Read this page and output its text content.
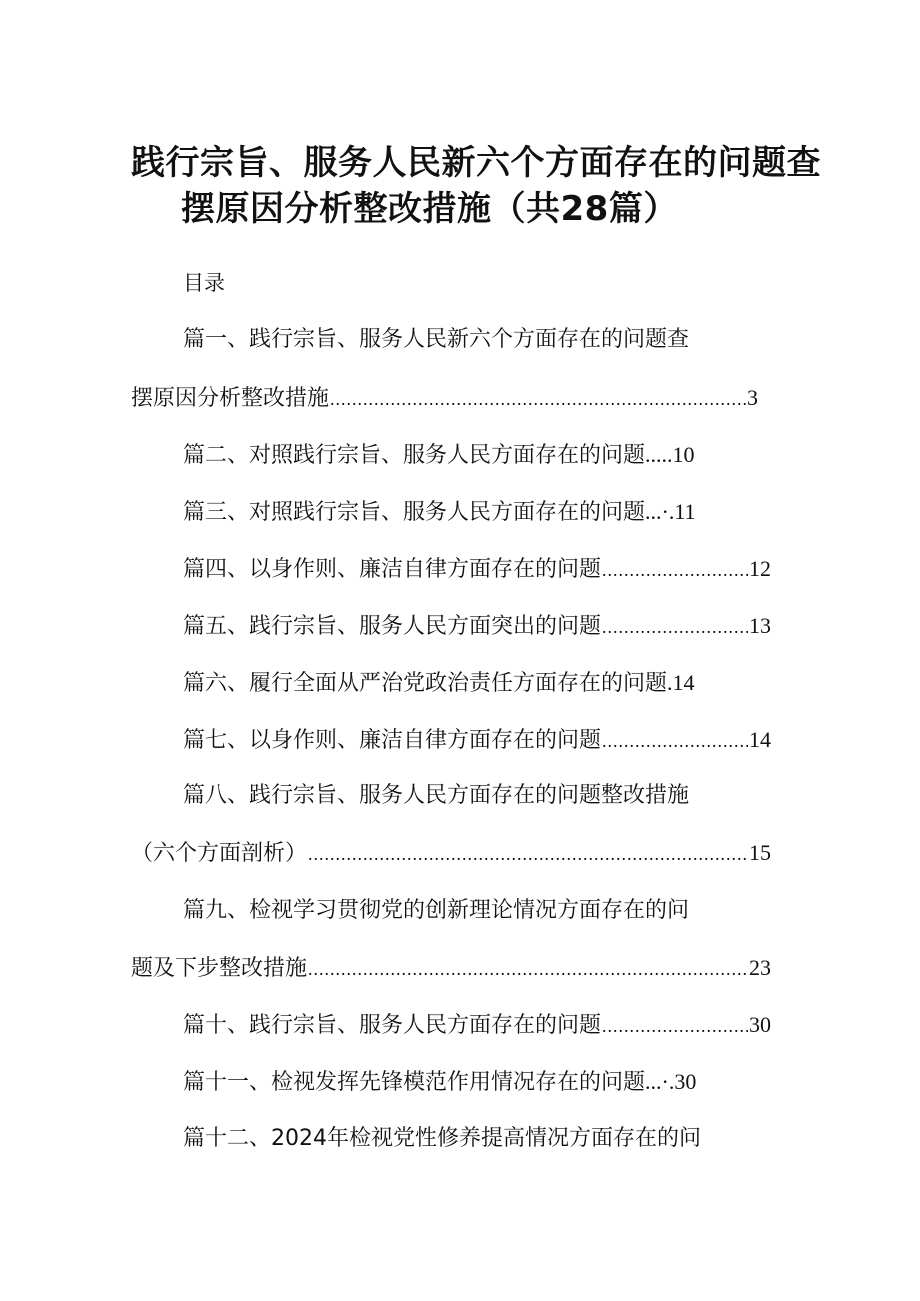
践行宗旨、服务人民新六个方面存在的问题查
摆原因分析整改措施（共28篇）
目录
篇一、践行宗旨、服务人民新六个方面存在的问题查
摆原因分析整改措施 .....	3
篇二、对照践行宗旨、服务人民方面存在的问题 .....10
篇三、对照践行宗旨、服务人民方面存在的问题 ...·.11
篇四、以身作则、廉洁自律方面存在的问题 .....	12
篇五、践行宗旨、服务人民方面突出的问题 .....	13
篇六、履行全面从严治党政治责任方面存在的问题 .14
篇七、以身作则、廉洁自律方面存在的问题 .....	14
篇八、践行宗旨、服务人民方面存在的问题整改措施
（六个方面剖析） .....	15
篇九、检视学习贯彻党的创新理论情况方面存在的问
题及下步整改措施 .....	23
篇十、践行宗旨、服务人民方面存在的问题 .....	30
篇十一、检视发挥先锋模范作用情况存在的问题 ...·.30
篇十二、2024年检视党性修养提高情况方面存在的问
